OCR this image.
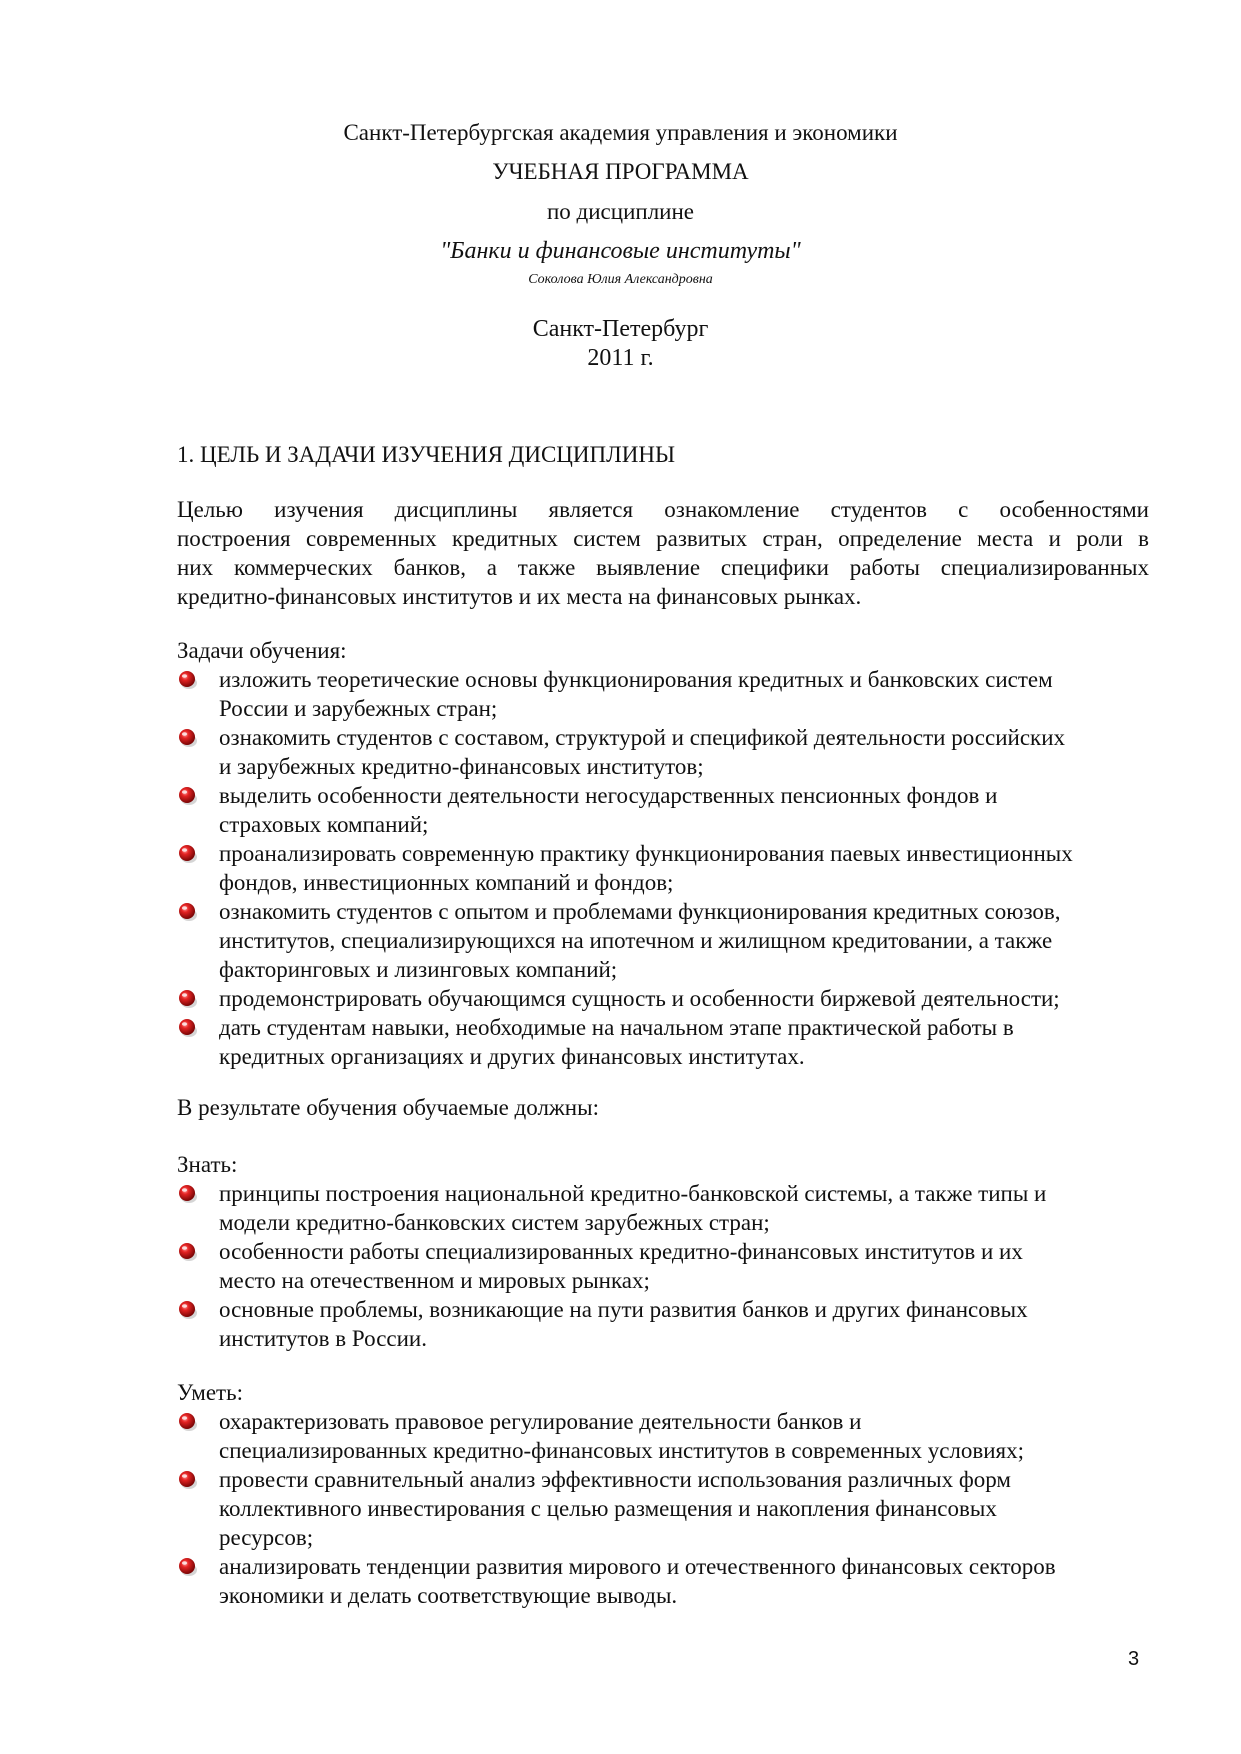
Санкт-Петербургская академия управления и экономики
УЧЕБНАЯ ПРОГРАММА
по дисциплине
"Банки и финансовые институты"
Соколова Юлия Александровна
Санкт-Петербург
2011 г.
1. ЦЕЛЬ И ЗАДАЧИ ИЗУЧЕНИЯ ДИСЦИПЛИНЫ
Целью изучения дисциплины является ознакомление студентов с особенностями
построения современных кредитных систем развитых стран, определение места и роли в
них коммерческих банков, а также выявление специфики работы специализированных
кредитно-финансовых институтов и их места на финансовых рынках.
Задачи обучения:
изложить теоретические основы функционирования кредитных и банковских систем
России и зарубежных стран;
ознакомить студентов с составом, структурой и спецификой деятельности российских
и зарубежных кредитно-финансовых институтов;
выделить особенности деятельности негосударственных пенсионных фондов и
страховых компаний;
проанализировать современную практику функционирования паевых инвестиционных
фондов, инвестиционных компаний и фондов;
ознакомить студентов с опытом и проблемами функционирования кредитных союзов,
институтов, специализирующихся на ипотечном и жилищном кредитовании, а также
факторинговых и лизинговых компаний;
продемонстрировать обучающимся сущность и особенности биржевой деятельности;
дать студентам навыки, необходимые на начальном этапе практической работы в
кредитных организациях и других финансовых институтах.
В результате обучения обучаемые должны:
Знать:
принципы построения национальной кредитно-банковской системы, а также типы и
модели кредитно-банковских систем зарубежных стран;
особенности работы специализированных кредитно-финансовых институтов и их
место на отечественном и мировых рынках;
основные проблемы, возникающие на пути развития банков и других финансовых
институтов в России.
Уметь:
охарактеризовать правовое регулирование деятельности банков и
специализированных кредитно-финансовых институтов в современных условиях;
провести сравнительный анализ эффективности использования различных форм
коллективного инвестирования с целью размещения и накопления финансовых
ресурсов;
анализировать тенденции развития мирового и отечественного финансовых секторов
экономики и делать соответствующие выводы.
3
